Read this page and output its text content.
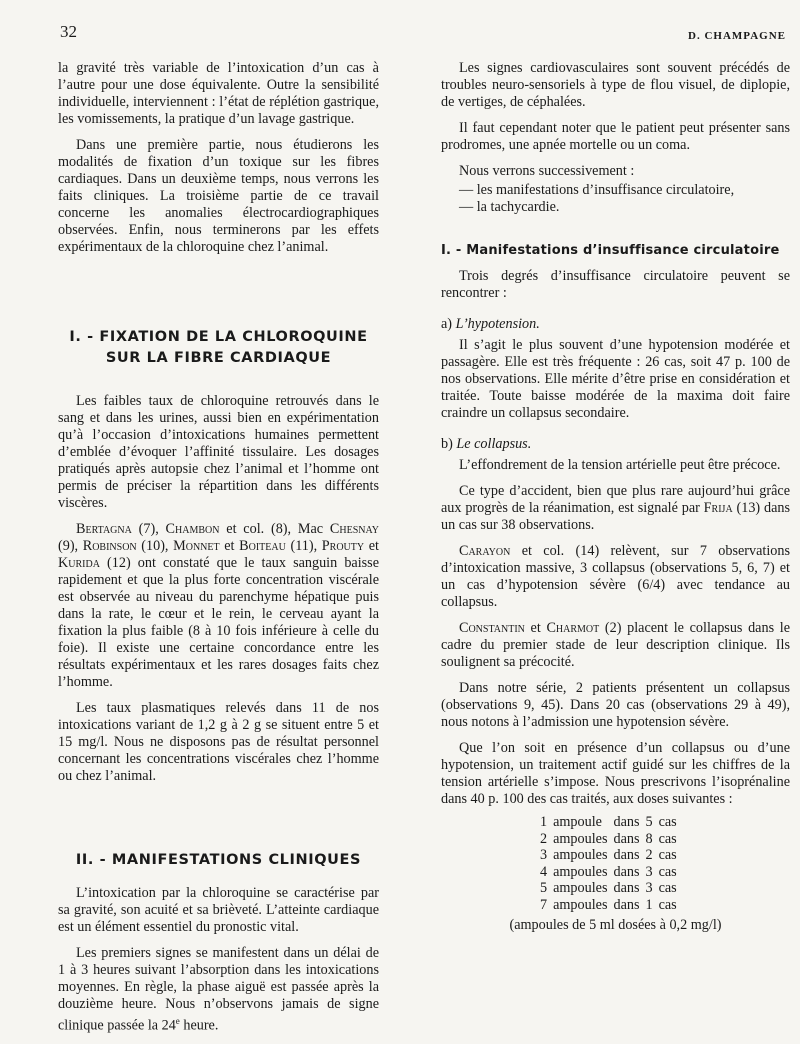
32	D. CHAMPAGNE

la gravité très variable de l’intoxication d’un cas à l’autre pour une dose équivalente. Outre la sensibilité individuelle, interviennent : l’état de réplétion gastrique, les vomissements, la pratique d’un lavage gastrique.

Dans une première partie, nous étudierons les modalités de fixation d’un toxique sur les fibres cardiaques. Dans un deuxième temps, nous verrons les faits cliniques. La troisième partie de ce travail concerne les anomalies électrocardiographiques observées. Enfin, nous terminerons par les effets expérimentaux de la chloroquine chez l’animal.

I. - FIXATION DE LA CHLOROQUINE
SUR LA FIBRE CARDIAQUE

Les faibles taux de chloroquine retrouvés dans le sang et dans les urines, aussi bien en expérimentation qu’à l’occasion d’intoxications humaines permettent d’emblée d’évoquer l’affinité tissulaire. Les dosages pratiqués après autopsie chez l’animal et l’homme ont permis de préciser la répartition dans les différents viscères.

Bertagna (7), Chambon et col. (8), Mac Chesnay (9), Robinson (10), Monnet et Boiteau (11), Prouty et Kurida (12) ont constaté que le taux sanguin baisse rapidement et que la plus forte concentration viscérale est observée au niveau du parenchyme hépatique puis dans la rate, le cœur et le rein, le cerveau ayant la fixation la plus faible (8 à 10 fois inférieure à celle du foie). Il existe une certaine concordance entre les résultats expérimentaux et les rares dosages faits chez l’homme.

Les taux plasmatiques relevés dans 11 de nos intoxications variant de 1,2 g à 2 g se situent entre 5 et 15 mg/l. Nous ne disposons pas de résultat personnel concernant les concentrations viscérales chez l’homme ou chez l’animal.

II. - MANIFESTATIONS CLINIQUES

L’intoxication par la chloroquine se caractérise par sa gravité, son acuité et sa brièveté. L’atteinte cardiaque est un élément essentiel du pronostic vital.

Les premiers signes se manifestent dans un délai de 1 à 3 heures suivant l’absorption dans les intoxications moyennes. En règle, la phase aiguë est passée après la douzième heure. Nous n’observons jamais de signe clinique passée la 24e heure.

Les signes cardiovasculaires sont souvent précédés de troubles neuro-sensoriels à type de flou visuel, de diplopie, de vertiges, de céphalées.

Il faut cependant noter que le patient peut présenter sans prodromes, une apnée mortelle ou un coma.

Nous verrons successivement :

— les manifestations d’insuffisance circulatoire,
— la tachycardie.

I. - Manifestations d’insuffisance circulatoire

Trois degrés d’insuffisance circulatoire peuvent se rencontrer :

a) L’hypotension.

Il s’agit le plus souvent d’une hypotension modérée et passagère. Elle est très fréquente : 26 cas, soit 47 p. 100 de nos observations. Elle mérite d’être prise en considération et traitée. Toute baisse modérée de la maxima doit faire craindre un collapsus secondaire.

b) Le collapsus.

L’effondrement de la tension artérielle peut être précoce.

Ce type d’accident, bien que plus rare aujourd’hui grâce aux progrès de la réanimation, est signalé par Frija (13) dans un cas sur 38 observations.

Carayon et col. (14) relèvent, sur 7 observations d’intoxication massive, 3 collapsus (observations 5, 6, 7) et un cas d’hypotension sévère (6/4) avec tendance au collapsus.

Constantin et Charmot (2) placent le collapsus dans le cadre du premier stade de leur description clinique. Ils soulignent sa précocité.

Dans notre série, 2 patients présentent un collapsus (observations 9, 45). Dans 20 cas (observations 29 à 49), nous notons à l’admission une hypotension sévère.

Que l’on soit en présence d’un collapsus ou d’une hypotension, un traitement actif guidé sur les chiffres de la tension artérielle s’impose. Nous prescrivons l’isoprénaline dans 40 p. 100 des cas traités, aux doses suivantes :

1	ampoule	dans	5	cas
2	ampoules	dans	8	cas
3	ampoules	dans	2	cas
4	ampoules	dans	3	cas
5	ampoules	dans	3	cas
7	ampoules	dans	1	cas
(ampoules de 5 ml dosées à 0,2 mg/l)
